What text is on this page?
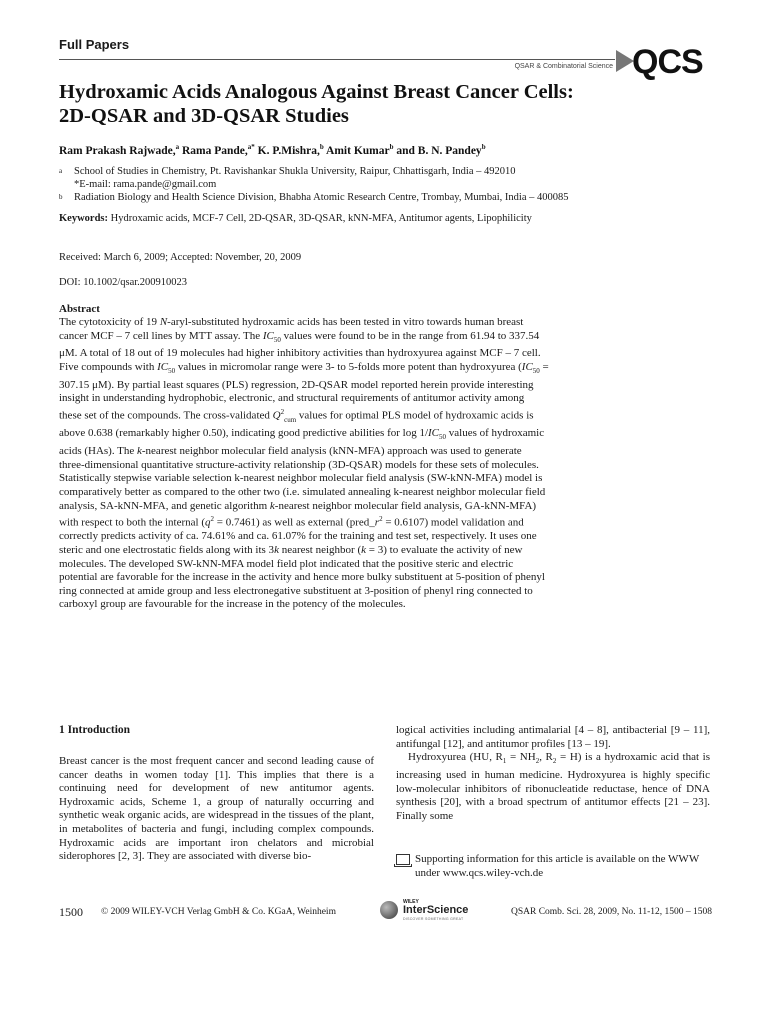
Full Papers
QSAR & Combinatorial Science QCS
Hydroxamic Acids Analogous Against Breast Cancer Cells:
2D-QSAR and 3D-QSAR Studies
Ram Prakash Rajwade,$^a$ Rama Pande,$^{a*}$ K. P.Mishra,$^b$ Amit Kumar$^b$ and B. N. Pandey$^b$
a School of Studies in Chemistry, Pt. Ravishankar Shukla University, Raipur, Chhattisgarh, India – 492010
*E-mail: rama.pande@gmail.com
b Radiation Biology and Health Science Division, Bhabha Atomic Research Centre, Trombay, Mumbai, India – 400085
Keywords: Hydroxamic acids, MCF-7 Cell, 2D-QSAR, 3D-QSAR, kNN-MFA, Antitumor agents, Lipophilicity
Received: March 6, 2009; Accepted: November, 20, 2009
DOI: 10.1002/qsar.200910023
Abstract
The cytotoxicity of 19 N-aryl-substituted hydroxamic acids has been tested in vitro towards human breast cancer MCF – 7 cell lines by MTT assay. The $IC_{50}$ values were found to be in the range from 61.94 to 337.54 μM. A total of 18 out of 19 molecules had higher inhibitory activities than hydroxyurea against MCF – 7 cell. Five compounds with $IC_{50}$ values in micromolar range were 3- to 5-folds more potent than hydroxyurea ($IC_{50} = 307.15$ μM). By partial least squares (PLS) regression, 2D-QSAR model reported herein provide interesting insight in understanding hydrophobic, electronic, and structural requirements of antitumor activity among these set of the compounds. The cross-validated $Q^2_{cum}$ values for optimal PLS model of hydroxamic acids is above 0.638 (remarkably higher 0.50), indicating good predictive abilities for $\log 1/IC_{50}$ values of hydroxamic acids (HAs). The k-nearest neighbor molecular field analysis (kNN-MFA) approach was used to generate three-dimensional quantitative structure-activity relationship (3D-QSAR) models for these sets of molecules. Statistically stepwise variable selection k-nearest neighbor molecular field analysis (SW-kNN-MFA) model is comparatively better as compared to the other two (i.e. simulated annealing k-nearest neighbor molecular field analysis, SA-kNN-MFA, and genetic algorithm k-nearest neighbor molecular field analysis, GA-kNN-MFA) with respect to both the internal $(q^2 = 0.7461)$ as well as external $(pred\_r^2 = 0.6107)$ model validation and correctly predicts activity of ca. 74.61% and ca. 61.07% for the training and test set, respectively. It uses one steric and one electrostatic fields along with its 3k nearest neighbor (k = 3) to evaluate the activity of new molecules. The developed SW-kNN-MFA model field plot indicated that the positive steric and electric potential are favorable for the increase in the activity and hence more bulky substituent at 5-position of phenyl ring connected at amide group and less electronegative substituent at 3-position of phenyl ring connected to carboxyl group are favourable for the increase in the potency of the molecules.
1 Introduction
Breast cancer is the most frequent cancer and second leading cause of cancer deaths in women today [1]. This implies that there is a continuing need for development of new antitumor agents. Hydroxamic acids, Scheme 1, a group of naturally occurring and synthetic weak organic acids, are widespread in the tissues of the plant, in metabolites of bacteria and fungi, including complex compounds. Hydroxamic acids are important iron chelators and microbial siderophores [2, 3]. They are associated with diverse bio-

logical activities including antimalarial [4 – 8], antibacterial [9 – 11], antifungal [12], and antitumor profiles [13 – 19].

Hydroxyurea (HU, $R_1 = NH_2$, $R_2 = H$) is a hydroxamic acid that is increasing used in human medicine. Hydroxyurea is highly specific low-molecular inhibitors of ribonucleatide reductase, hence of DNA synthesis [20], with a broad spectrum of antitumor effects [21 – 23]. Finally some

Supporting information for this article is available on the WWW under www.qcs.wiley-vch.de
1500 © 2009 WILEY-VCH Verlag GmbH & Co. KGaA, Weinheim
WILEY
InterScience
DISCOVER SOMETHING GREAT
QSAR Comb. Sci. 28, 2009, No. 11-12, 1500 – 1508
